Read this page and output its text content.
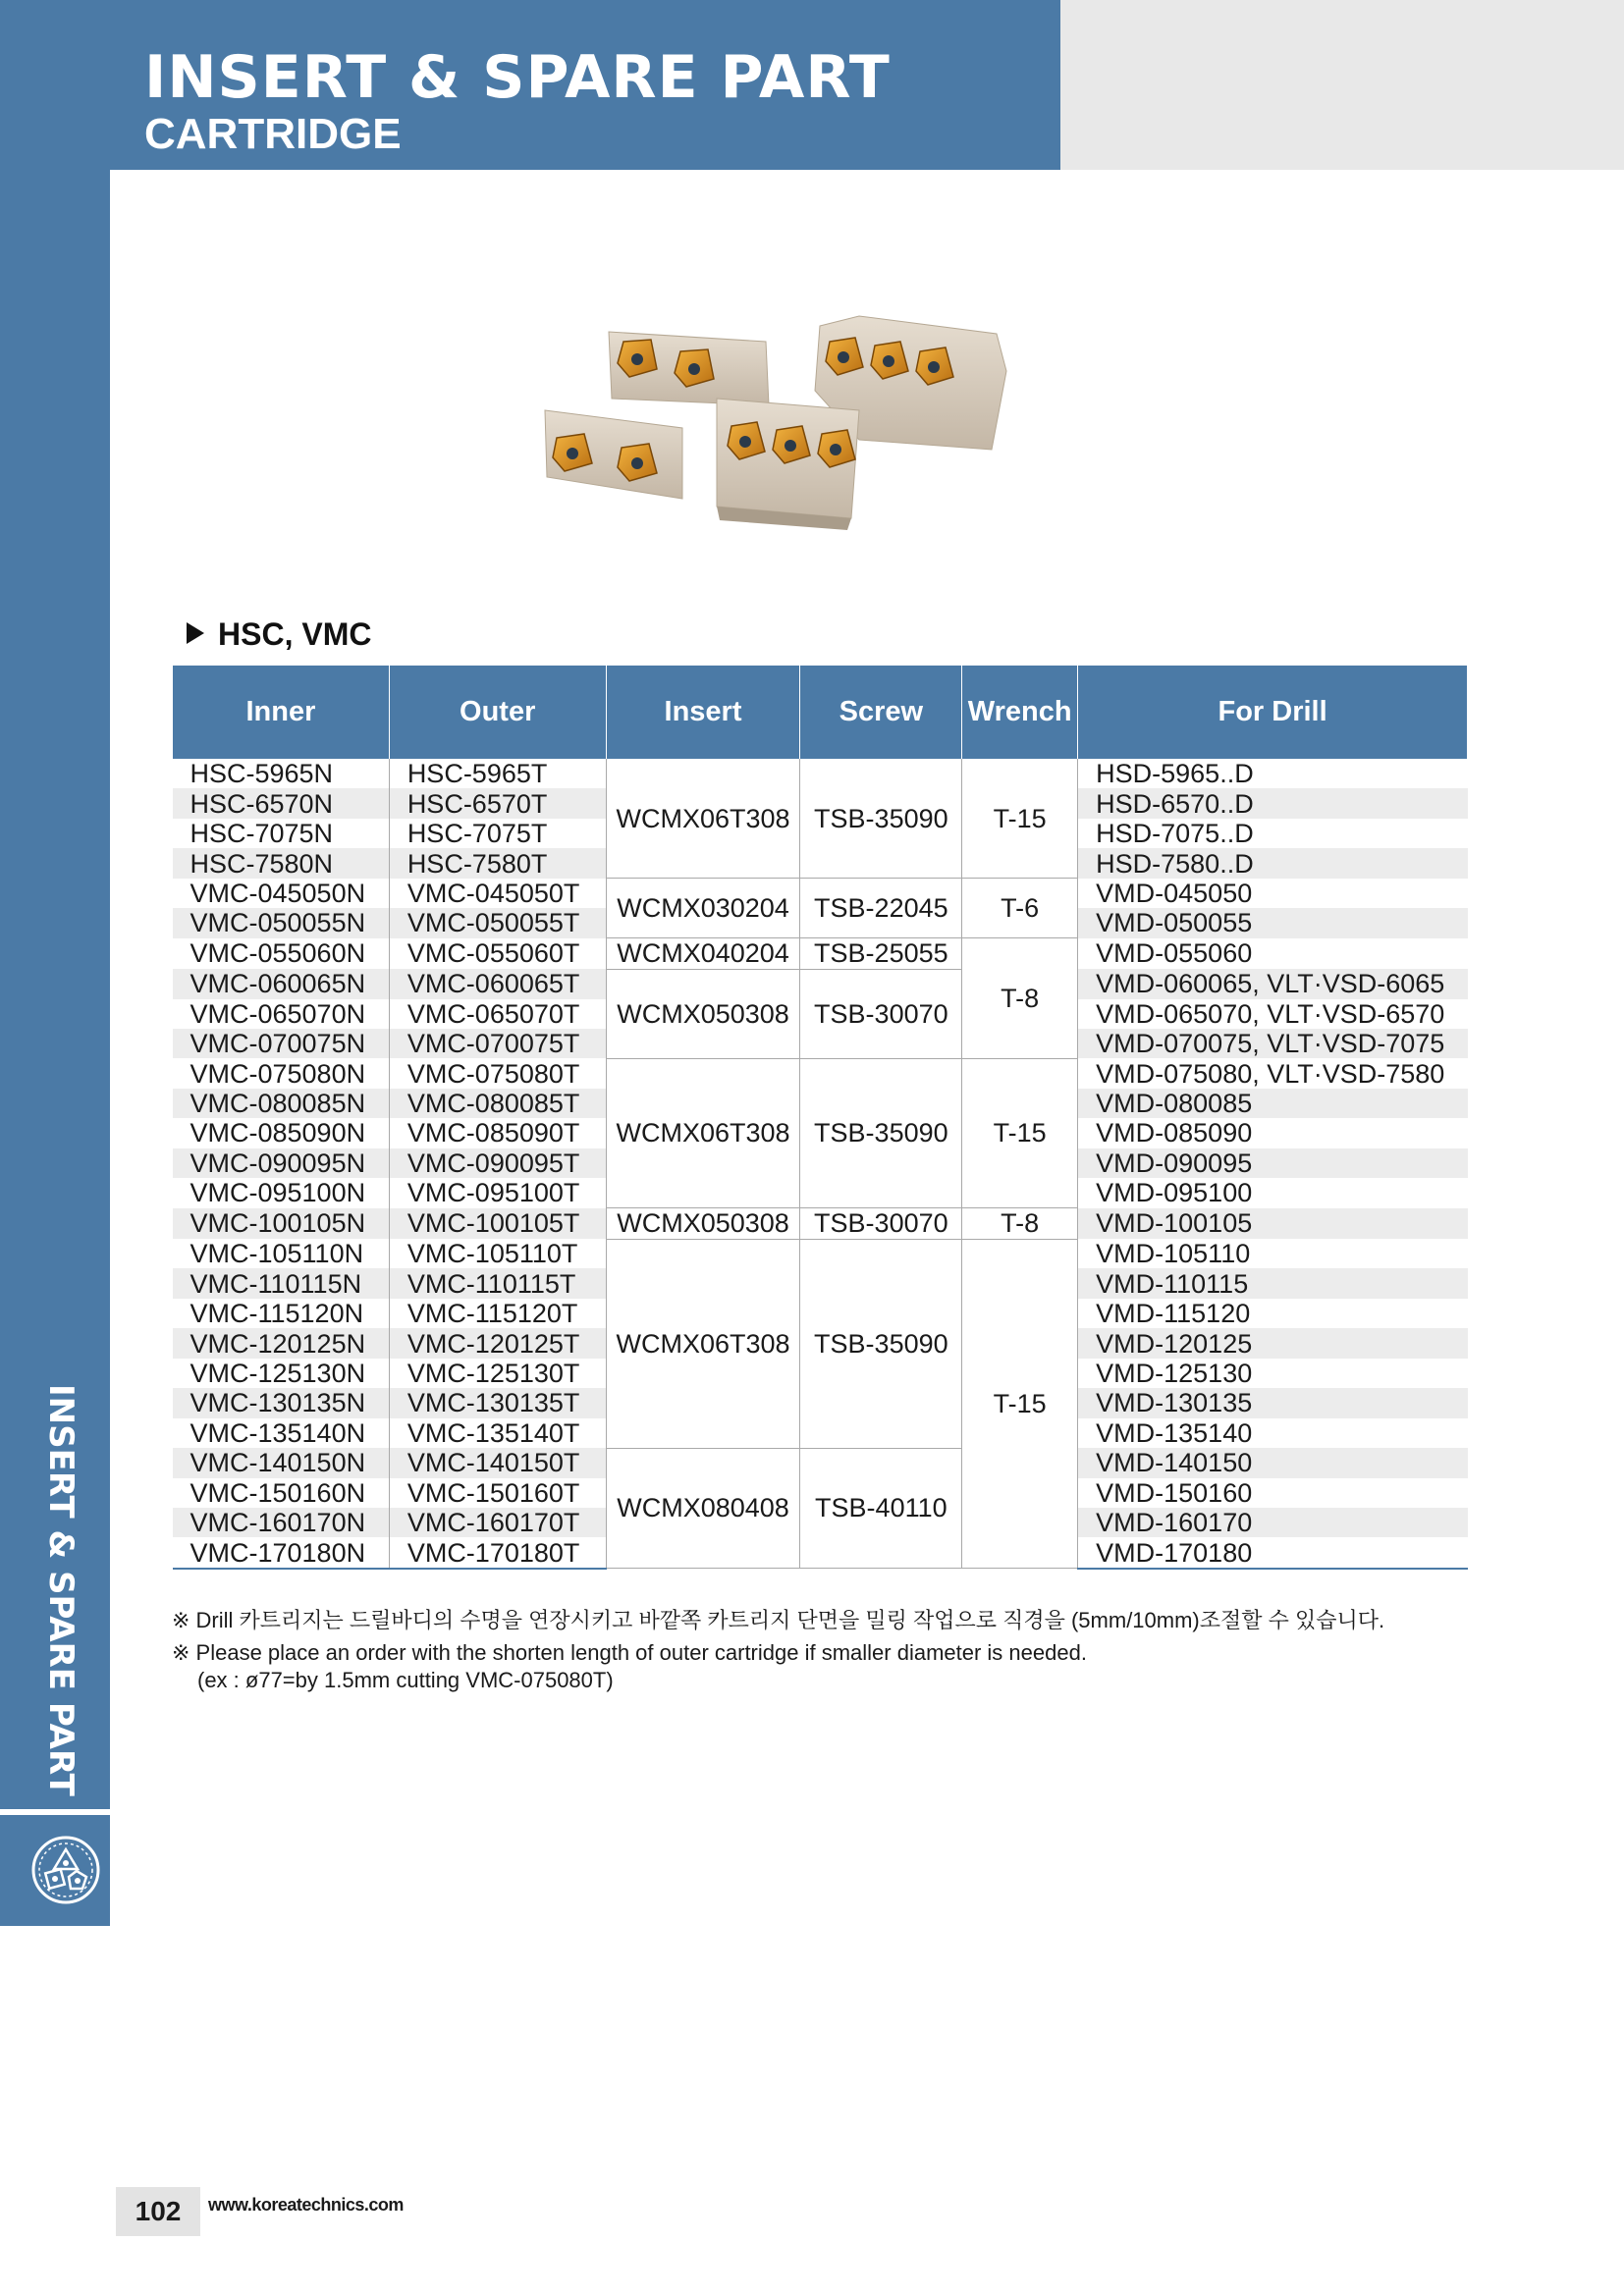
INSERT & SPARE PART
CARTRIDGE
INSERT & SPARE PART
HSC, VMC
Inner	Outer	Insert	Screw	Wrench	For Drill
HSC-5965N	HSC-5965T	WCMX06T308	TSB-35090	T-15	HSD-5965..D
HSC-6570N	HSC-6570T				HSD-6570..D
HSC-7075N	HSC-7075T				HSD-7075..D
HSC-7580N	HSC-7580T				HSD-7580..D
VMC-045050N	VMC-045050T	WCMX030204	TSB-22045	T-6	VMD-045050
VMC-050055N	VMC-050055T				VMD-050055
VMC-055060N	VMC-055060T	WCMX040204	TSB-25055	T-8	VMD-055060
VMC-060065N	VMC-060065T	WCMX050308	TSB-30070		VMD-060065, VLT·VSD-6065
VMC-065070N	VMC-065070T				VMD-065070, VLT·VSD-6570
VMC-070075N	VMC-070075T				VMD-070075, VLT·VSD-7075
VMC-075080N	VMC-075080T	WCMX06T308	TSB-35090	T-15	VMD-075080, VLT·VSD-7580
VMC-080085N	VMC-080085T				VMD-080085
VMC-085090N	VMC-085090T				VMD-085090
VMC-090095N	VMC-090095T				VMD-090095
VMC-095100N	VMC-095100T				VMD-095100
VMC-100105N	VMC-100105T	WCMX050308	TSB-30070	T-8	VMD-100105
VMC-105110N	VMC-105110T	WCMX06T308	TSB-35090	T-15	VMD-105110
VMC-110115N	VMC-110115T				VMD-110115
VMC-115120N	VMC-115120T				VMD-115120
VMC-120125N	VMC-120125T				VMD-120125
VMC-125130N	VMC-125130T				VMD-125130
VMC-130135N	VMC-130135T				VMD-130135
VMC-135140N	VMC-135140T				VMD-135140
VMC-140150N	VMC-140150T	WCMX080408	TSB-40110		VMD-140150
VMC-150160N	VMC-150160T				VMD-150160
VMC-160170N	VMC-160170T				VMD-160170
VMC-170180N	VMC-170180T				VMD-170180

※ Drill 카트리지는 드릴바디의 수명을 연장시키고 바깥쪽 카트리지 단면을 밀링 작업으로 직경을 (5mm/10mm)조절할 수 있습니다.

※ Please place an order with the shorten length of outer cartridge if smaller diameter is needed.

(ex : ø77=by 1.5mm cutting VMC-075080T)

102	www.koreatechnics.com
